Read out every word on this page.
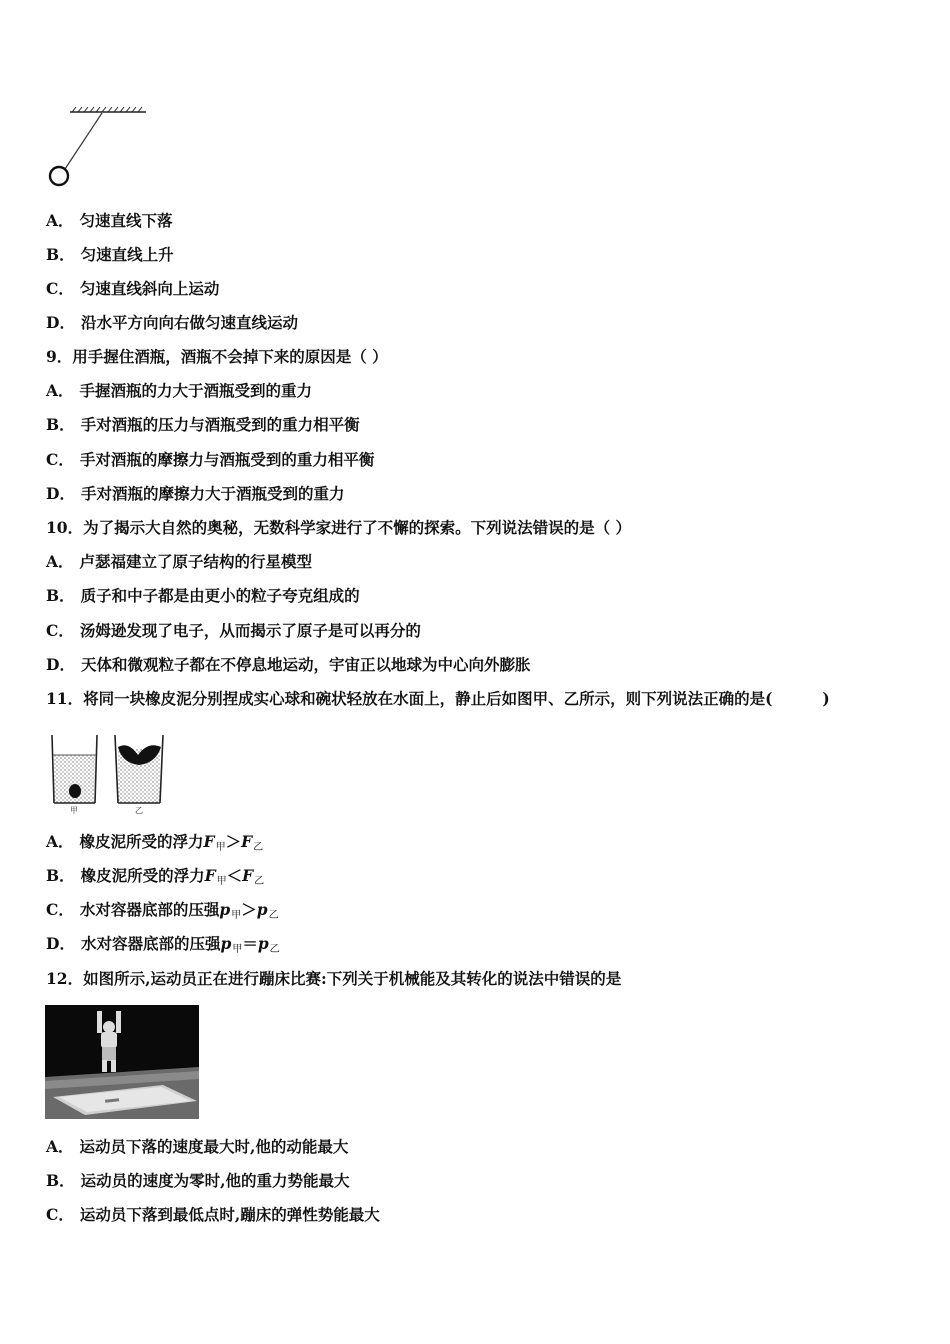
A． 匀速直线下落
B． 匀速直线上升
C． 匀速直线斜向上运动
D． 沿水平方向向右做匀速直线运动
9．用手握住酒瓶，酒瓶不会掉下来的原因是（ ）
A． 手握酒瓶的力大于酒瓶受到的重力
B． 手对酒瓶的压力与酒瓶受到的重力相平衡
C． 手对酒瓶的摩擦力与酒瓶受到的重力相平衡
D． 手对酒瓶的摩擦力大于酒瓶受到的重力
10．为了揭示大自然的奥秘，无数科学家进行了不懈的探索。下列说法错误的是（ ）
A． 卢瑟福建立了原子结构的行星模型
B． 质子和中子都是由更小的粒子夸克组成的
C． 汤姆逊发现了电子，从而揭示了原子是可以再分的
D． 天体和微观粒子都在不停息地运动，宇宙正以地球为中心向外膨胀
11．将同一块橡皮泥分别捏成实心球和碗状轻放在水面上，静止后如图甲、乙所示，则下列说法正确的是(	)
甲	乙
A． 橡皮泥所受的浮力$F_甲>F_乙$
B． 橡皮泥所受的浮力$F_甲<F_乙$
C． 水对容器底部的压强$p_甲>p_乙$
D． 水对容器底部的压强$p_甲=p_乙$
12．如图所示,运动员正在进行蹦床比赛:下列关于机械能及其转化的说法中错误的是
A． 运动员下落的速度最大时,他的动能最大
B． 运动员的速度为零时,他的重力势能最大
C． 运动员下落到最低点时,蹦床的弹性势能最大
